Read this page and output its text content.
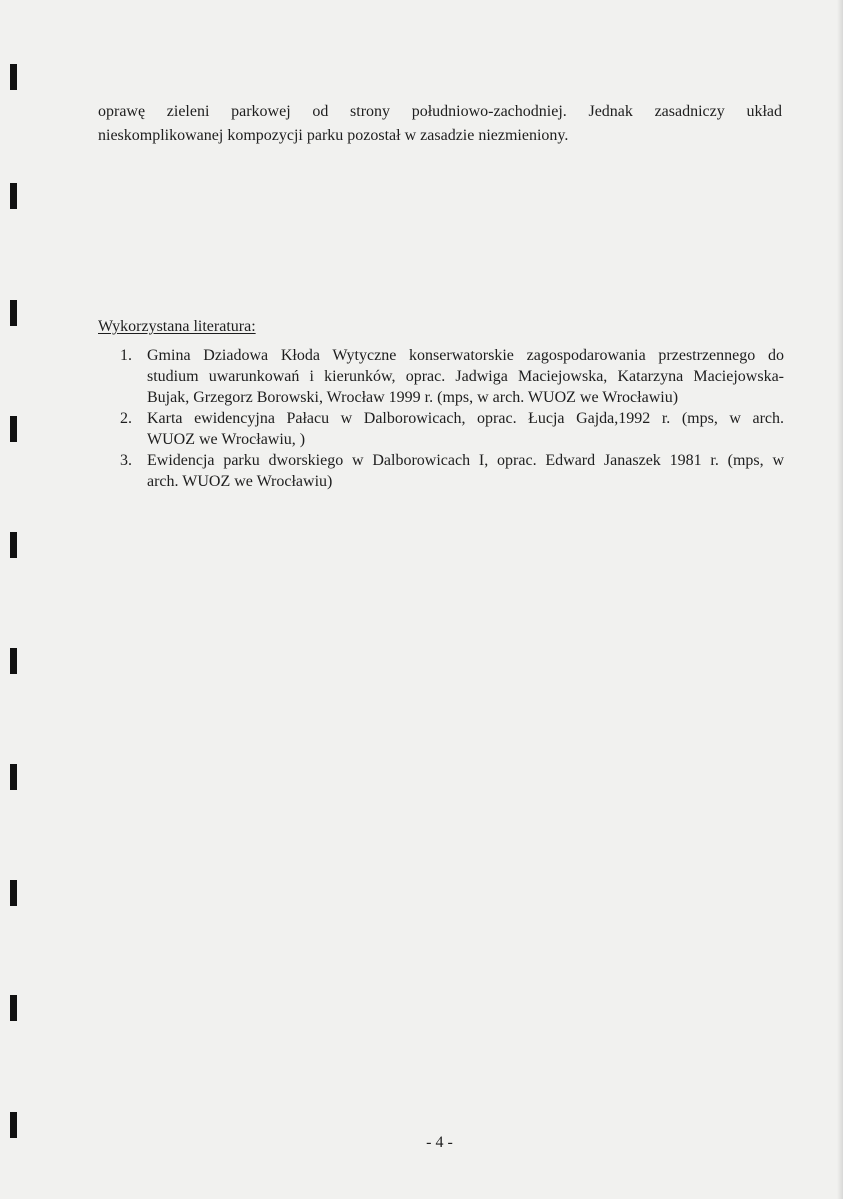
oprawę zieleni parkowej od strony południowo-zachodniej. Jednak zasadniczy układ
nieskomplikowanej kompozycji parku pozostał w zasadzie niezmieniony.

Wykorzystana literatura:

1. Gmina Dziadowa Kłoda Wytyczne konserwatorskie zagospodarowania przestrzennego do
studium uwarunkowań i kierunków, oprac. Jadwiga Maciejowska, Katarzyna Maciejowska-
Bujak, Grzegorz Borowski, Wrocław 1999 r. (mps, w arch. WUOZ we Wrocławiu)
2. Karta ewidencyjna Pałacu w Dalborowicach, oprac. Łucja Gajda,1992 r. (mps, w arch.
WUOZ we Wrocławiu, )
3. Ewidencja parku dworskiego w Dalborowicach I, oprac. Edward Janaszek 1981 r. (mps, w
arch. WUOZ we Wrocławiu)
- 4 -
